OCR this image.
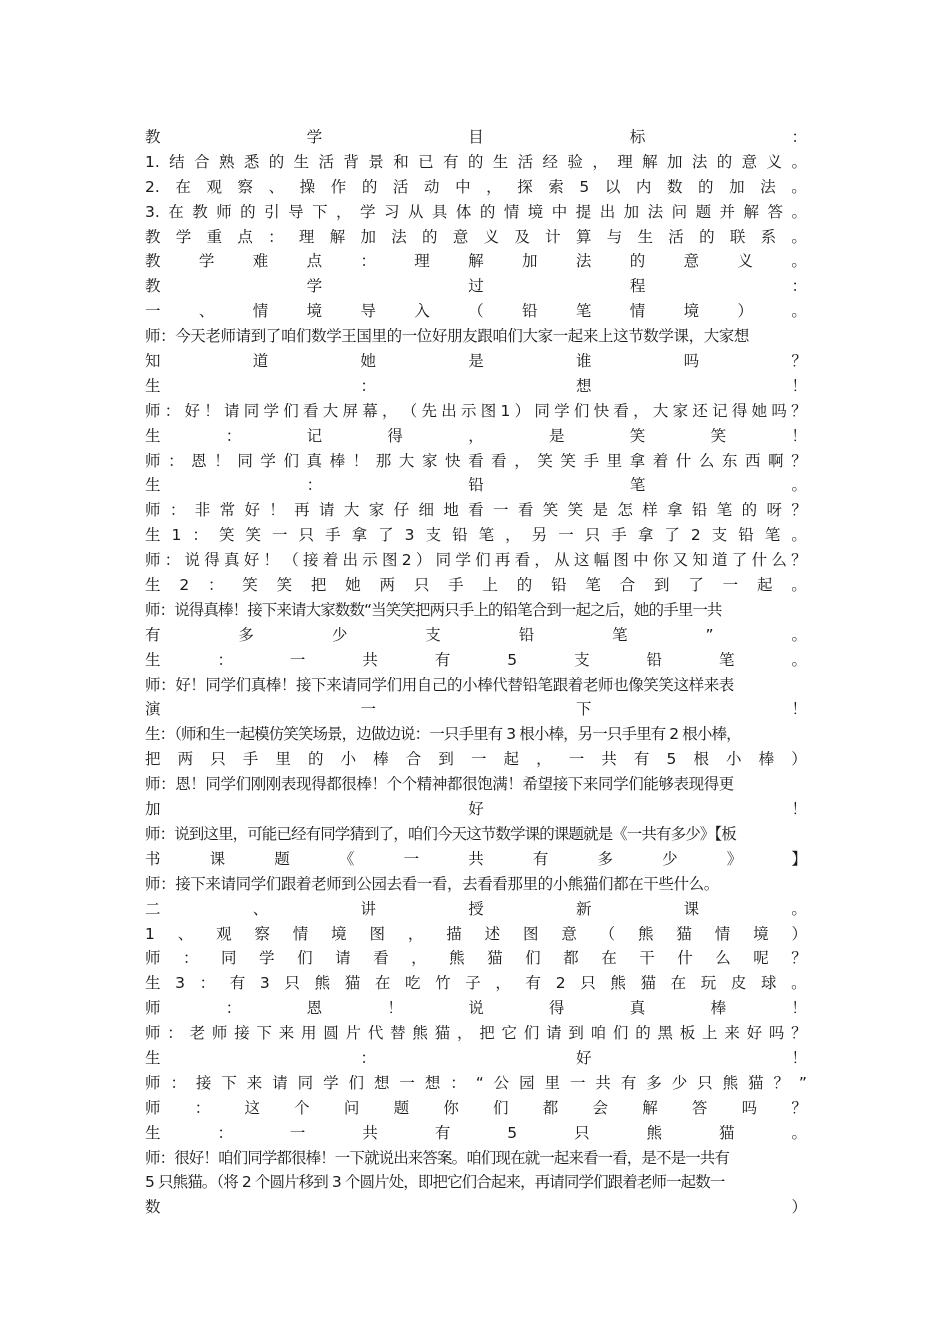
教	学	目	标	：
1. 结 合 熟 悉 的 生 活 背 景 和 已 有 的 生 活 经 验 ， 理 解 加 法 的 意 义 。
2. 在 观 察 、 操 作 的 活 动 中 ， 探 索 5 以 内 数 的 加 法 。
3. 在 教 师 的 引 导 下 ， 学 习 从 具 体 的 情 境 中 提 出 加 法 问 题 并 解 答 。
教 学 重 点 ： 理 解 加 法 的 意 义 及 计 算 与 生 活 的 联 系 。
教 学 难 点 ： 理 解 加 法 的 意 义 。
教	学	过	程	：
一 、 情 境 导 入 （ 铅 笔 情 境 ） 。
师：今天老师请到了咱们数学王国里的一位好朋友跟咱们大家一起来上这节数学课，大家想
知	道	她	是	谁	吗	？
生	：	想	！
师 ： 好 ！ 请 同 学 们 看 大 屏 幕 ， （ 先 出 示 图 1 ） 同 学 们 快 看 ， 大 家 还 记 得 她 吗 ？
生	：	记	得	，	是	笑	笑	！
师 ： 恩 ！ 同 学 们 真 棒 ！ 那 大 家 快 看 看 ， 笑 笑 手 里 拿 着 什 么 东 西 啊 ？
生	：	铅	笔	。
师 ： 非 常 好 ！ 再 请 大 家 仔 细 地 看 一 看 笑 笑 是 怎 样 拿 铅 笔 的 呀 ？
生 1 ： 笑 笑 一 只 手 拿 了 3 支 铅 笔 ， 另 一 只 手 拿 了 2 支 铅 笔 。
师 ： 说 得 真 好 ！ （ 接 着 出 示 图 2 ） 同 学 们 再 看 ， 从 这 幅 图 中 你 又 知 道 了 什 么 ？
生 2 ： 笑 笑 把 她 两 只 手 上 的 铅 笔 合 到 了 一 起 。
师：说得真棒！接下来请大家数数“当笑笑把两只手上的铅笔合到一起之后，她的手里一共
有	多	少	支	铅	笔	”	。
生	：	一	共	有	5	支	铅	笔	。
师：好！同学们真棒！接下来请同学们用自己的小棒代替铅笔跟着老师也像笑笑这样来表
演	一	下	！
生：（师和生一起模仿笑笑场景，边做边说：一只手里有 3 根小棒，另一只手里有 2 根小棒，
把 两 只 手 里 的 小 棒 合 到 一 起 ， 一 共 有 5 根 小 棒 ）
师：恩！同学们刚刚表现得都很棒！个个精神都很饱满！希望接下来同学们能够表现得更
加	好	！
师：说到这里，可能已经有同学猜到了，咱们今天这节数学课的课题就是《一共有多少》【板
书	课	题	《	一	共	有	多	少	》	】
师：接下来请同学们跟着老师到公园去看一看，去看看那里的小熊猫们都在干些什么。
二	、	讲	授	新	课	。
1 、 观 察 情 境 图 ， 描 述 图 意 （ 熊 猫 情 境 ）
师 ： 同 学 们 请 看 ， 熊 猫 们 都 在 干 什 么 呢 ？
生 3 ： 有 3 只 熊 猫 在 吃 竹 子 ， 有 2 只 熊 猫 在 玩 皮 球 。
师	：	恩	！	说	得	真	棒	！
师 ： 老 师 接 下 来 用 圆 片 代 替 熊 猫 ， 把 它 们 请 到 咱 们 的 黑 板 上 来 好 吗 ？
生	：	好	！
师 ： 接 下 来 请 同 学 们 想 一 想 ： “ 公 园 里 一 共 有 多 少 只 熊 猫 ？ ”
师 ： 这 个 问 题 你 们 都 会 解 答 吗 ？
生	：	一	共	有	5	只	熊	猫	。
师：很好！咱们同学都很棒！一下就说出来答案。咱们现在就一起来看一看，是不是一共有
5 只熊猫。（将 2 个圆片移到 3 个圆片处，即把它们合起来，再请同学们跟着老师一起数一
数	）
